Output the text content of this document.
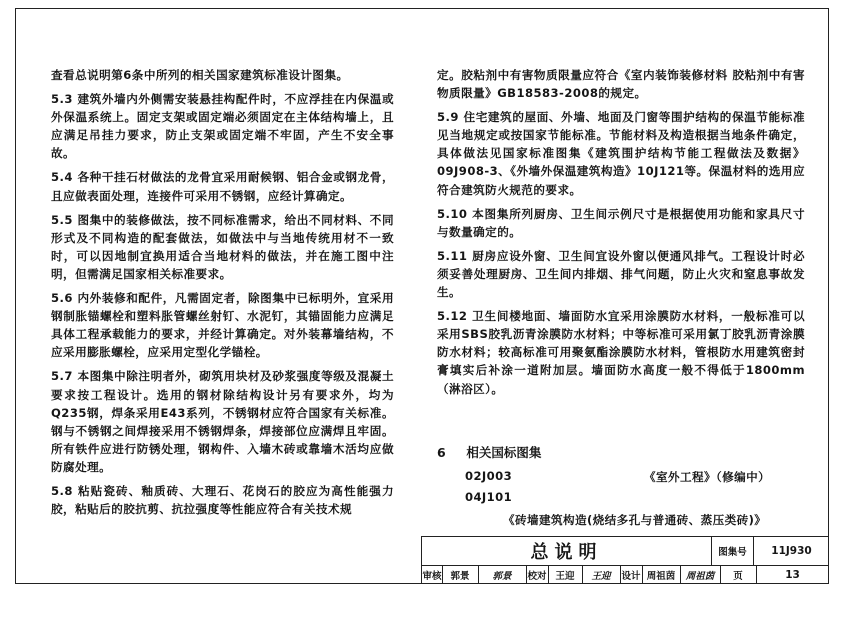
查看总说明第6条中所列的相关国家建筑标准设计图集。

5.3 建筑外墙内外侧需安装悬挂构配件时，不应浮挂在内保温或外保温系统上。固定支架或固定端必须固定在主体结构墙上，且应满足吊挂力要求，防止支架或固定端不牢固，产生不安全事故。

5.4 各种干挂石材做法的龙骨宜采用耐候钢、铝合金或钢龙骨，且应做表面处理，连接件可采用不锈钢，应经计算确定。

5.5 图集中的装修做法，按不同标准需求，给出不同材料、不同形式及不同构造的配套做法，如做法中与当地传统用材不一致时，可以因地制宜换用适合当地材料的做法，并在施工图中注明，但需满足国家相关标准要求。

5.6 内外装修和配件，凡需固定者，除图集中已标明外，宜采用钢制胀锚螺栓和塑料胀管螺丝射钉、水泥钉，其锚固能力应满足具体工程承载能力的要求，并经计算确定。对外装幕墙结构，不应采用膨胀螺栓，应采用定型化学锚栓。

5.7 本图集中除注明者外，砌筑用块材及砂浆强度等级及混凝土要求按工程设计。选用的钢材除结构设计另有要求外，均为Q235钢，焊条采用E43系列，不锈钢材应符合国家有关标准。钢与不锈钢之间焊接采用不锈钢焊条，焊接部位应满焊且牢固。所有铁件应进行防锈处理，钢构件、入墙木砖或靠墙木活均应做防腐处理。

5.8 粘贴瓷砖、釉质砖、大理石、花岗石的胶应为高性能强力胶，粘贴后的胶抗剪、抗拉强度等性能应符合有关技术规

定。胶粘剂中有害物质限量应符合《室内装饰装修材料 胶粘剂中有害物质限量》GB18583-2008的规定。

5.9 住宅建筑的屋面、外墙、地面及门窗等围护结构的保温节能标准见当地规定或按国家节能标准。节能材料及构造根据当地条件确定，具体做法见国家标准图集《建筑围护结构节能工程做法及数据》09J908-3、《外墙外保温建筑构造》10J121等。保温材料的选用应符合建筑防火规范的要求。

5.10 本图集所列厨房、卫生间示例尺寸是根据使用功能和家具尺寸与数量确定的。

5.11 厨房应设外窗、卫生间宜设外窗以便通风排气。工程设计时必须妥善处理厨房、卫生间内排烟、排气问题，防止火灾和窒息事故发生。

5.12 卫生间楼地面、墙面防水宜采用涂膜防水材料，一般标准可以采用SBS胶乳沥青涂膜防水材料；中等标准可采用氯丁胶乳沥青涂膜防水材料；较高标准可用聚氨酯涂膜防水材料，管根防水用建筑密封膏填实后补涂一道附加层。墙面防水高度一般不得低于1800mm（淋浴区）。

6 相关国标图集
02J003	《室外工程》（修编中）
04J101
《砖墙建筑构造(烧结多孔与普通砖、蒸压类砖)》
总说明	图集号	11J930
审核 郭景	郭景	校对 王迎	王迎	设计 周祖茵	周祖茵	页	13
